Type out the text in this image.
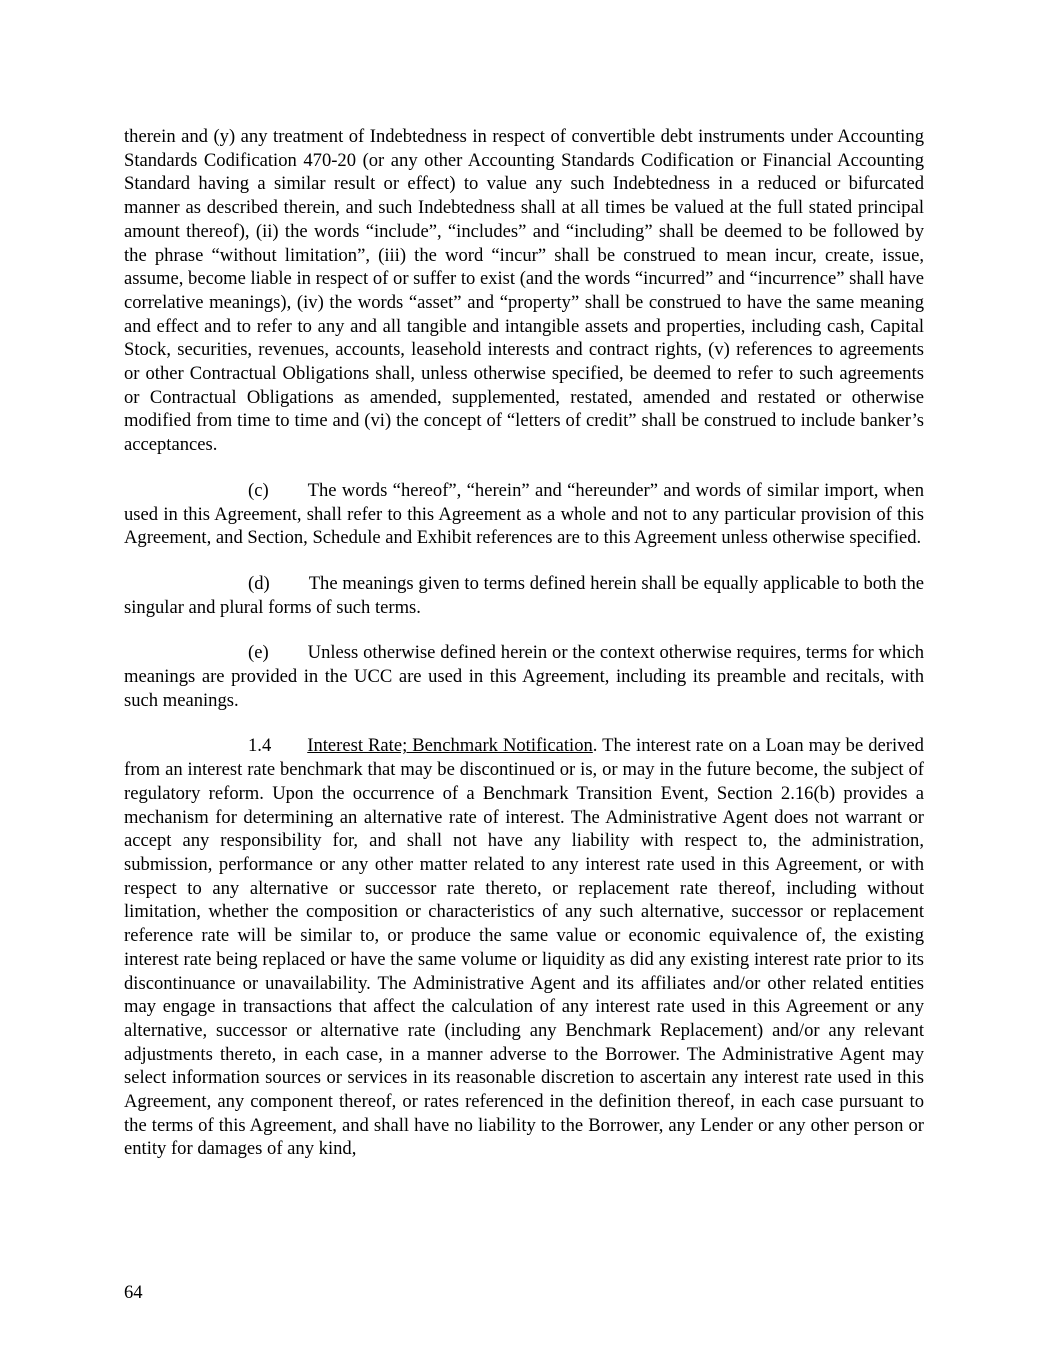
therein and (y) any treatment of Indebtedness in respect of convertible debt instruments under Accounting Standards Codification 470-20 (or any other Accounting Standards Codification or Financial Accounting Standard having a similar result or effect) to value any such Indebtedness in a reduced or bifurcated manner as described therein, and such Indebtedness shall at all times be valued at the full stated principal amount thereof), (ii) the words “include”, “includes” and “including” shall be deemed to be followed by the phrase “without limitation”, (iii) the word “incur” shall be construed to mean incur, create, issue, assume, become liable in respect of or suffer to exist (and the words “incurred” and “incurrence” shall have correlative meanings), (iv) the words “asset” and “property” shall be construed to have the same meaning and effect and to refer to any and all tangible and intangible assets and properties, including cash, Capital Stock, securities, revenues, accounts, leasehold interests and contract rights, (v) references to agreements or other Contractual Obligations shall, unless otherwise specified, be deemed to refer to such agreements or Contractual Obligations as amended, supplemented, restated, amended and restated or otherwise modified from time to time and (vi) the concept of “letters of credit” shall be construed to include banker’s acceptances.

(c) The words “hereof”, “herein” and “hereunder” and words of similar import, when used in this Agreement, shall refer to this Agreement as a whole and not to any particular provision of this Agreement, and Section, Schedule and Exhibit references are to this Agreement unless otherwise specified.

(d) The meanings given to terms defined herein shall be equally applicable to both the singular and plural forms of such terms.

(e) Unless otherwise defined herein or the context otherwise requires, terms for which meanings are provided in the UCC are used in this Agreement, including its preamble and recitals, with such meanings.

1.4 Interest Rate; Benchmark Notification. The interest rate on a Loan may be derived from an interest rate benchmark that may be discontinued or is, or may in the future become, the subject of regulatory reform. Upon the occurrence of a Benchmark Transition Event, Section 2.16(b) provides a mechanism for determining an alternative rate of interest. The Administrative Agent does not warrant or accept any responsibility for, and shall not have any liability with respect to, the administration, submission, performance or any other matter related to any interest rate used in this Agreement, or with respect to any alternative or successor rate thereto, or replacement rate thereof, including without limitation, whether the composition or characteristics of any such alternative, successor or replacement reference rate will be similar to, or produce the same value or economic equivalence of, the existing interest rate being replaced or have the same volume or liquidity as did any existing interest rate prior to its discontinuance or unavailability. The Administrative Agent and its affiliates and/or other related entities may engage in transactions that affect the calculation of any interest rate used in this Agreement or any alternative, successor or alternative rate (including any Benchmark Replacement) and/or any relevant adjustments thereto, in each case, in a manner adverse to the Borrower. The Administrative Agent may select information sources or services in its reasonable discretion to ascertain any interest rate used in this Agreement, any component thereof, or rates referenced in the definition thereof, in each case pursuant to the terms of this Agreement, and shall have no liability to the Borrower, any Lender or any other person or entity for damages of any kind,

64
